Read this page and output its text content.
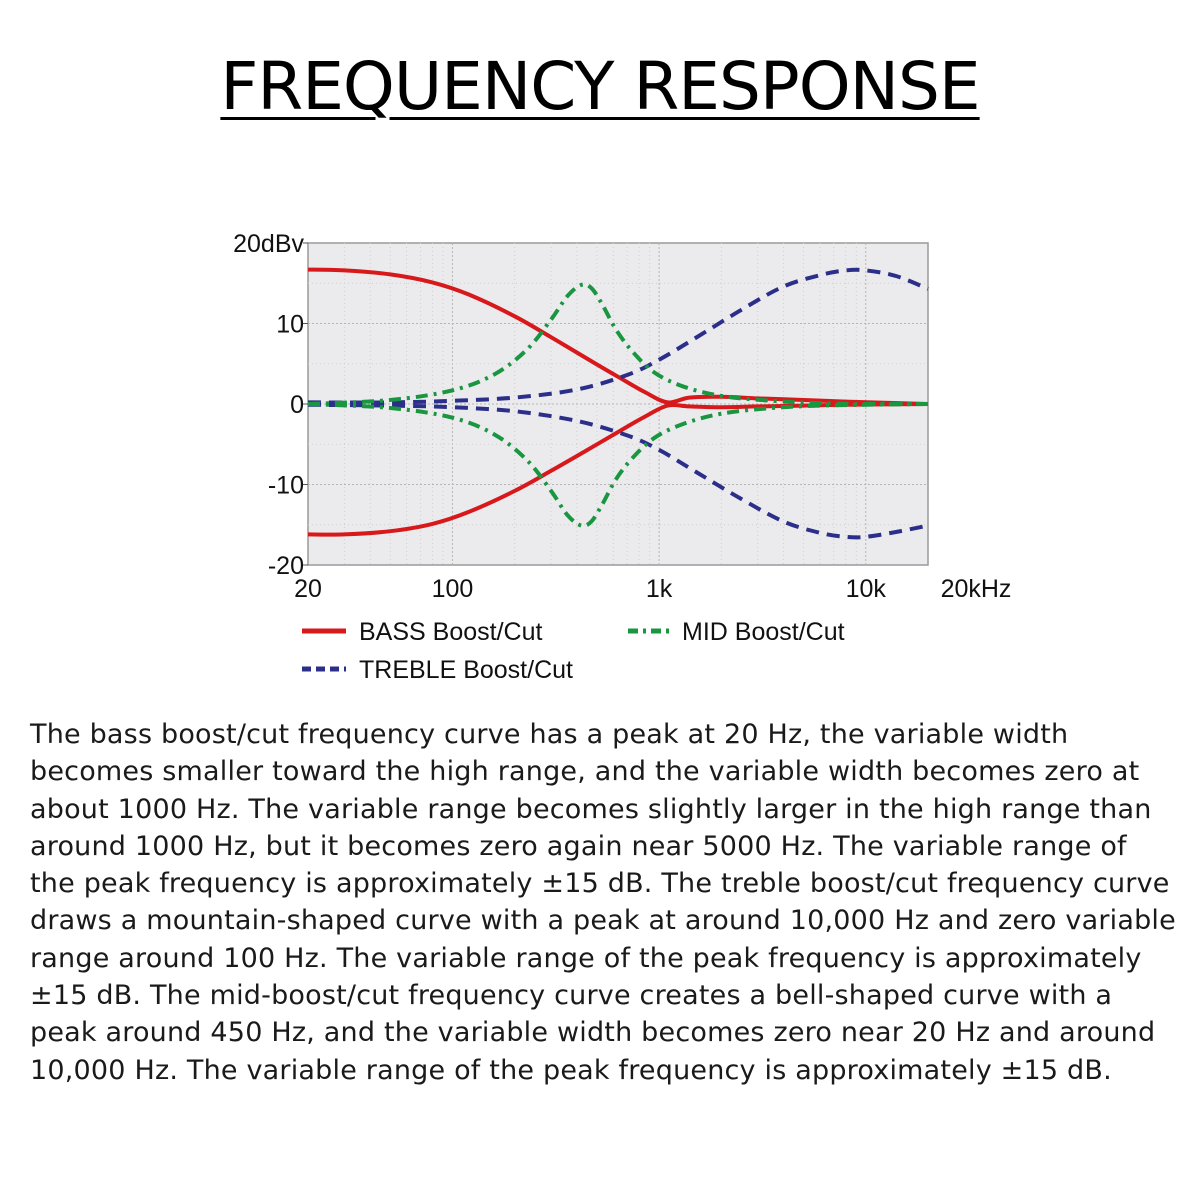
FREQUENCY RESPONSE
20dBv
10
0
-10
-20
20	100	1k	10k 20kHz
BASS Boost/Cut	MID Boost/Cut
TREBLE Boost/Cut

The bass boost/cut frequency curve has a peak at 20 Hz, the variable width becomes smaller toward the high range, and the variable width becomes zero at about 1000 Hz. The variable range becomes slightly larger in the high range than around 1000 Hz, but it becomes zero again near 5000 Hz. The variable range of the peak frequency is approximately ±15 dB. The treble boost/cut frequency curve draws a mountain-shaped curve with a peak at around 10,000 Hz and zero variable range around 100 Hz. The variable range of the peak frequency is approximately ±15 dB. The mid-boost/cut frequency curve creates a bell-shaped curve with a peak around 450 Hz, and the variable width becomes zero near 20 Hz and around 10,000 Hz. The variable range of the peak frequency is approximately ±15 dB.
